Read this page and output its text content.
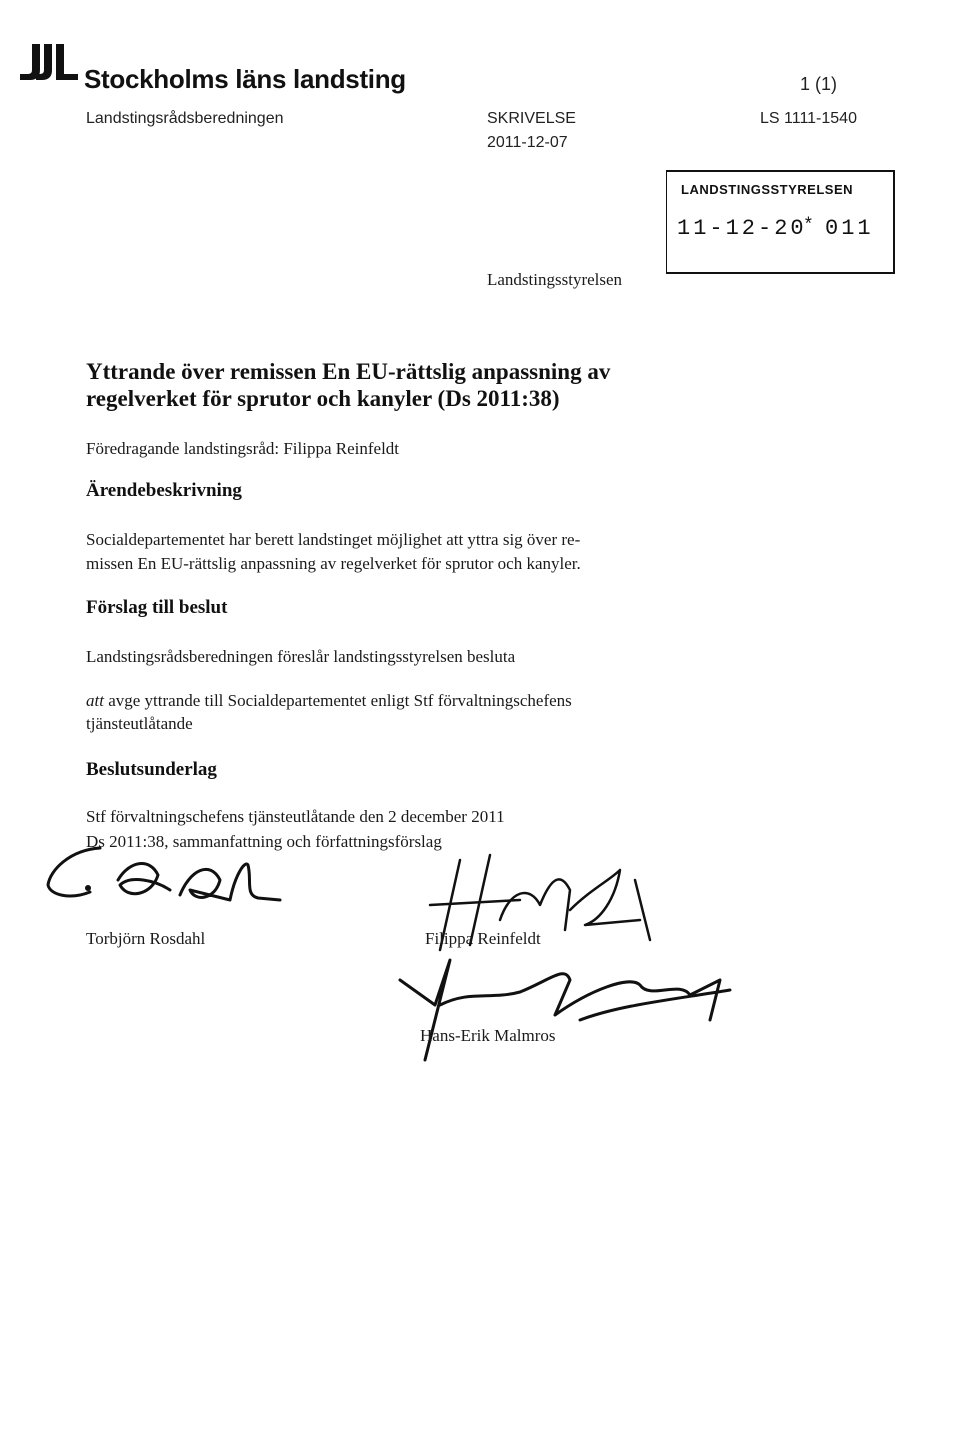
Stockholms läns landsting	1 (1)
Landstingsrådsberedningen	SKRIVELSE
2011-12-07
LS 1111-1540
LANDSTINGSSTYRELSEN
11-12-20
* 011
Landstingsstyrelsen
Yttrande över remissen En EU-rättslig anpassning av
regelverket för sprutor och kanyler (Ds 2011:38)
Föredragande landstingsråd: Filippa Reinfeldt
Ärendebeskrivning
Socialdepartementet har berett landstinget möjlighet att yttra sig över re-
missen En EU-rättslig anpassning av regelverket för sprutor och kanyler.
Förslag till beslut
Landstingsrådsberedningen föreslår landstingsstyrelsen besluta
att avge yttrande till Socialdepartementet enligt Stf förvaltningschefens
tjänsteutlåtande
Beslutsunderlag
Stf förvaltningschefens tjänsteutlåtande den 2 december 2011
Ds 2011:38, sammanfattning och författningsförslag
Torbjörn Rosdahl	Filippa Reinfeldt
Hans-Erik Malmros
